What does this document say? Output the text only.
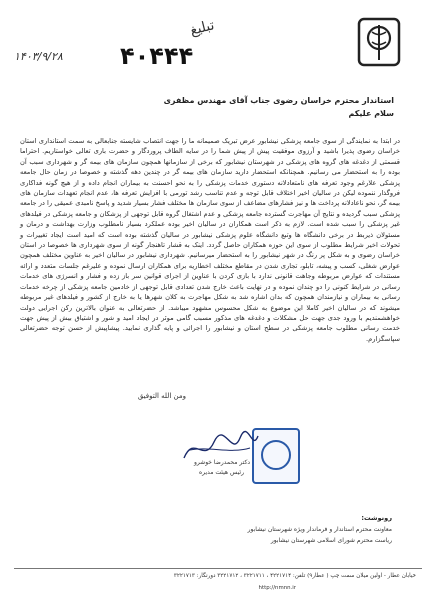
تبلیغ
۴۰۴۴۴
۱۴۰۳/۹/۲۸
استاندار محترم خراسان رضوی جناب آقای مهندس مظفری
سلام علیکم
در ابتدا به نمایندگی از سوی جامعه پزشکی نیشابور عرض تبریک صمیمانه ما را جهت انتصاب شایسته جنابعالی به سمت استانداری استان خراسان رضوی پذیرا باشید و آرزوی موفقیت پیش از پیش شما را در سایه الطاف پروردگار و حضرت باری تعالی خواستاریم. احتراما قسمتی از دغدغه های گروه های پزشکی در شهرستان نیشابور که برخی از سازمانها همچون سازمان های بیمه گر و شهرداری سبب آن بوده را به استحضار می رسانیم. همچنانکه استحضار دارید سازمان های بیمه گر در چندین دهه گذشته و خصوصا در زمان حال جامعه پزشکی علارغم وجود تعرفه های نامتعادلانه دستوری خدمات پزشکی را به نحو احسنت به بیماران انجام داده و از هیچ گونه فداکاری فروگذار ننموده لیکن در سالیان اخیر اختلاف قابل توجه و عدم تناسب رشد تورمی با افزایش تعرفه ها، عدم انجام تعهدات سازمان های بیمه گر، نحو ناعادلانه پرداخت ها و نیز فشارهای مضاعف از سوی سازمان ها مختلف فشار بسیار شدید و پاسخ نامبدی عمیقی را در جامعه پزشکی سبب گردیده و نتایج آن مهاجرت گسترده جامعه پزشکی و عدم اشتغال گروه قابل توجهی از پزشکان و جامعه پزشکی در فیلدهای غیر پزشکی را سبب شده است. لازم به ذکر است همکاران در سالیان اخیر بوده عملکرد بسیار نامطلوب وزارت بهداشت و درمان و مسئولان ذیربط در برخی دانشگاه ها وتبع دانشگاه علوم پزشکی نیشابور در سالیان گذشته بوده است که امید است ایجاد تغییرات و تحولات اخیر شرایط مطلوب از سوی این حوزه همکاران حاصل گردد. اینک به قشار تاهنجار گونه از سوی شهرداری ها خصوصا در استان خراسان رضوی و به شکل پر رنگ در شهر نیشابور را به استحضار میرسانیم. شهرداری نیشابور در سالیان اخیر به عناوین مختلف همچون عوارض شغلی، کسب و پیشه، تابلو، تجاری شدن در مقاطع مختلف اخطاریه برای همکاران ارسال نموده و علیرغم جلسات متعدد و ارائه مستندات که عوارض مربوطه وجاهت قانونی ندارد با بازی کردن با عناوین از اجرای قوانین سر باز زده و فشار و انسرژی های خدمات رسانی در شرایط کنونی را دو چندان نموده و در نهایت باعث خارج شدن تعدادی قابل توجهی از خادمین جامعه پزشکی از چرخه خدمات رسانی به بیماران و نیازمندان همچون که بدان اشاره شد به شکل مهاجرت به کلان شهرها یا به خارج از کشور و فیلدهای غیر مربوطه میشوند که در سالیان اخیر کاملا این موضوع به شکل محسوس مشهود میباشد. از حضرتعالی به عنوان بالاترین رکن اجرایی دولت خواهشمندیم با ورود جدی جهت حل مشکلات و دغدغه های مذکور مسبب گامی موثر در ایجاد امید و شور و اشتیاق بیش از پیش جهت خدمت رسانی مطلوب جامعه پزشکی در سطح استان و نیشابور را اجرائی و پایه گذاری نمایید. پیشاپیش از حسن توجه حضرتعالی سپاسگزارم.
ومن الله التوفیق
دکتر محمدرضا خوشرو
رئیس هیئت مدیره
رونوشت:
معاونت محترم استاندار و فرماندار ویژه شهرستان نیشابور
ریاست محترم شورای اسلامی شهرستان نیشابور
خیابان عطار - اولین میلان سمت چپ ( عطار۹) تلفن: ۴۲۲۱۷۱۴ ، ۳۲۲۱۷۱۱ ، ۳۲۲۱۷۱۲ دورنگار: ۳۲۲۱۷۱۳
http://nmnn.ir
